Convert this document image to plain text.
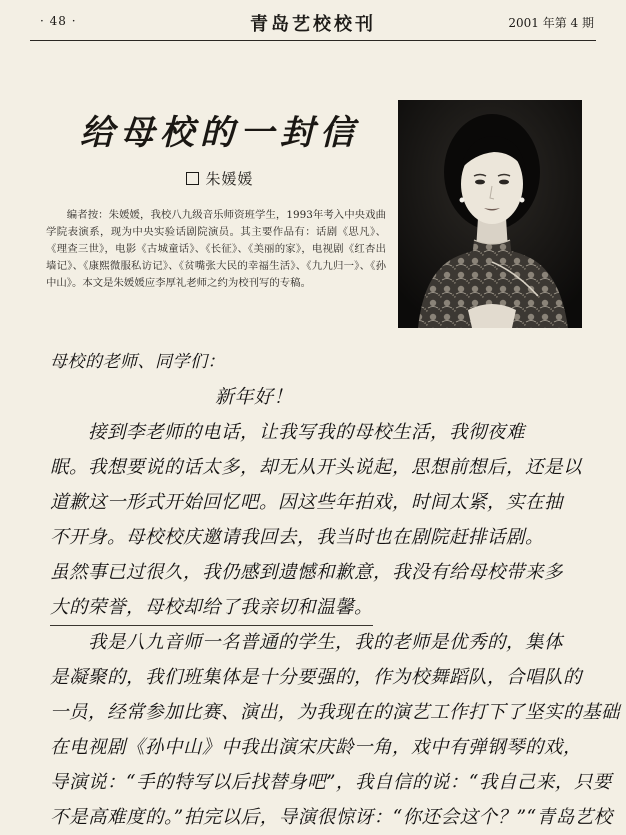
· 48 ·	青岛艺校校刊	2001 年第 4 期
给母校的一封信
朱媛媛
编者按：朱媛媛，我校八九级音乐师资班学生，1993年考入中央戏曲学院表演系，现为中央实验话剧院演员。其主要作品有：话剧《思凡》、《理查三世》，电影《古城童话》、《长征》、《美丽的家》，电视剧《红杏出墙记》、《康熙微服私访记》、《贫嘴张大民的幸福生活》、《九九归一》、《孙中山》。本文是朱媛媛应李厚礼老师之约为校刊写的专稿。
母校的老师、同学们：
新年好！
接到李老师的电话，让我写我的母校生活，我彻夜难
眠。我想要说的话太多，却无从开头说起，思想前想后，还是以
道歉这一形式开始回忆吧。因这些年拍戏，时间太紧，实在抽
不开身。母校校庆邀请我回去，我当时也在剧院赶排话剧。
虽然事已过很久，我仍感到遗憾和歉意，我没有给母校带来多
大的荣誉，母校却给了我亲切和温馨。
我是八九音师一名普通的学生，我的老师是优秀的，集体
是凝聚的，我们班集体是十分要强的，作为校舞蹈队，合唱队的
一员，经常参加比赛、演出，为我现在的演艺工作打下了坚实的基础
在电视剧《孙中山》中我出演宋庆龄一角，戏中有弹钢琴的戏，
导演说：“手的特写以后找替身吧”，我自信的说：“我自己来，只要
不是高难度的。”拍完以后，导演很惊讶：“你还会这个？”“青岛艺校
